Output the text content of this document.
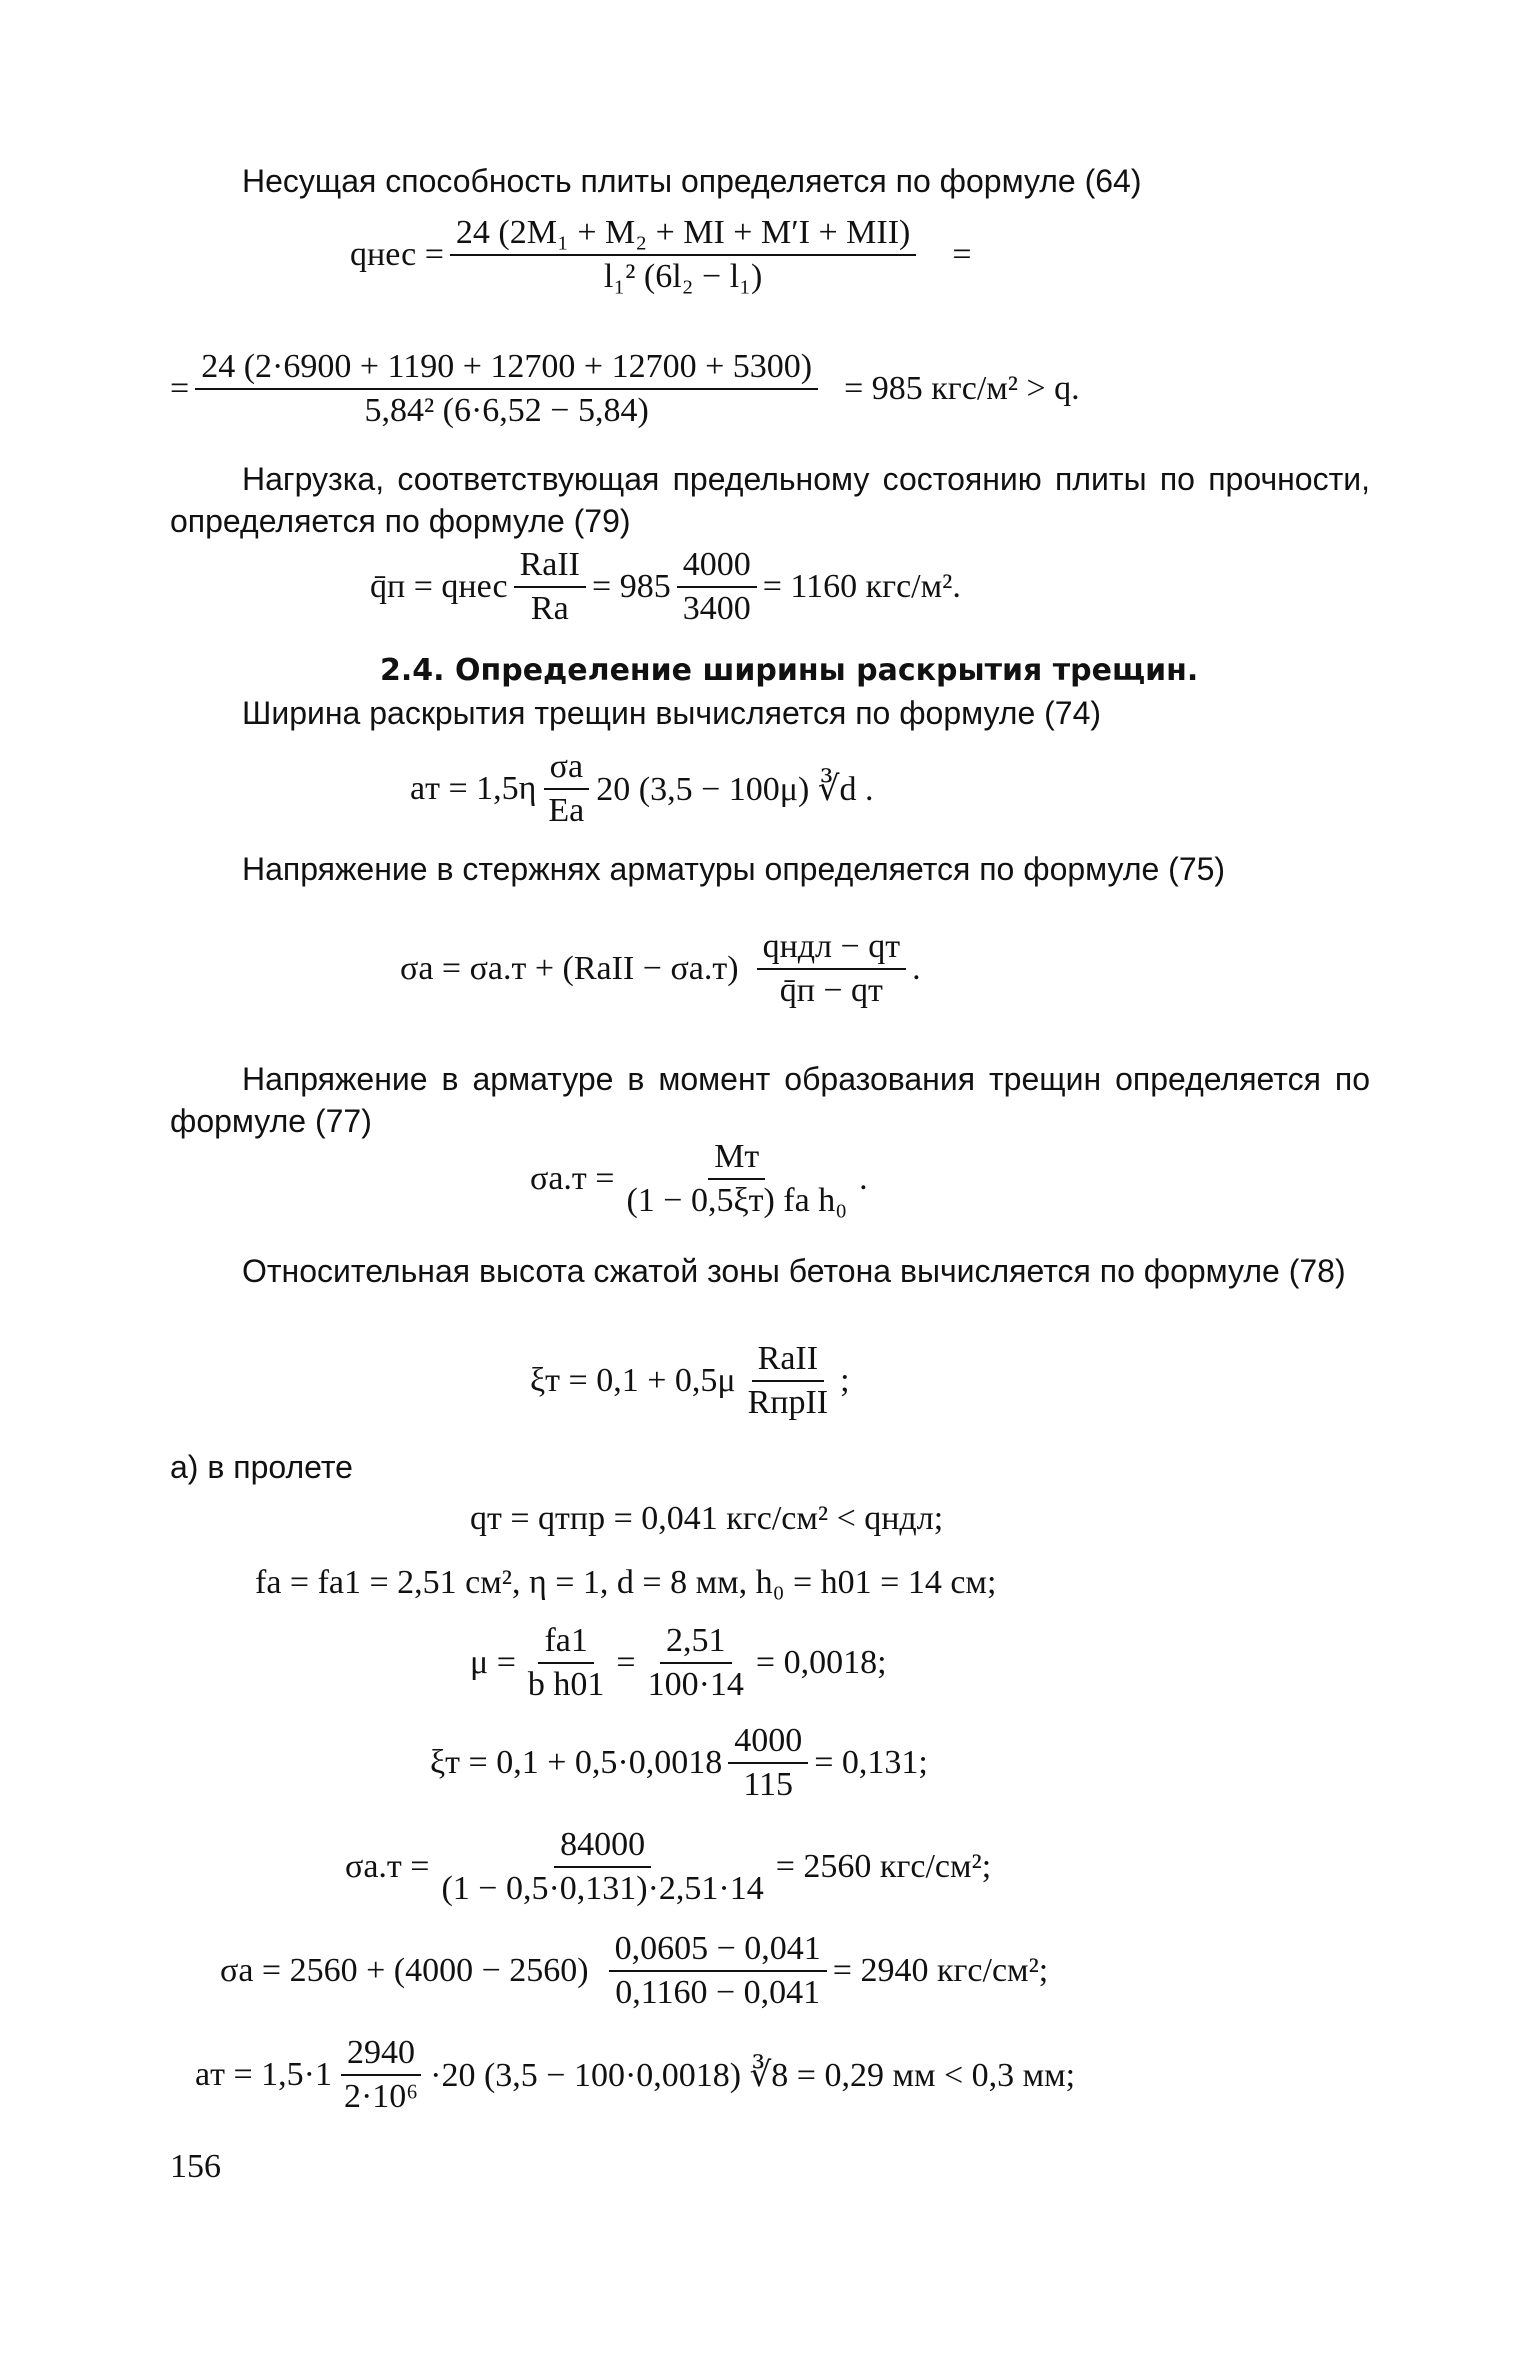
Несущая способность плиты определяется по формуле (64)
qнес = $\frac{\text{24 (2M₁ + M₂ + MI + M′I + MII)}}{\text{l₁² (6l₂ − l₁)}}$ =
= $\frac{24 (2\cdot 6900 + 1190 + 12700 + 12700 + 5300)}{\text{5,84² (6·6,52 − 5,84)}} = 985$ кгс/м² > q.
Нагрузка, соответствующая предельному состоянию плиты по прочности, определяется по формуле (79)
q̄п = qнес $\frac{\text{RaII}}{Ra} = 985 \frac{4000}{3400} = 1160$ кгс/м².
2.4. Определение ширины раскрытия трещин.
Ширина раскрытия трещин вычисляется по формуле (74)
aт = $1,5\eta \frac{\sigma a}{Ea} 20$ (3,5 − 100μ) ∛d .
Напряжение в стержнях арматуры определяется по формуле (75)
σa = σa.т + (RaII − $\sigma a.т) \frac{\text{qндл − qт}}{q̄п - qт}$ .
Напряжение в арматуре в момент образования трещин определяется по формуле (77)
$\sigma a.т = \frac{Mт}{\text{(1 − 0,5ξт) fa h₀}}$ .
Относительная высота сжатой зоны бетона вычисляется по формуле (78)
$\xi т = 0,1 + 0,5\mu \frac{\text{RaII}}{\text{RпрII}}$ ;
а) в пролете
qт = qтпр = 0,041 кгс/см² < qндл;
fa = fa1 = 2,51 см², η = 1, d = 8 мм, h₀ = h01 = 14 см;
$\mu = \frac{fa1}{\text{b h01}} = \frac{2,51}{100\cdot 14} = 0,0018$;
$\xi т = 0,1 + 0,5\cdot 0,0018 \frac{4000}{115} = 0,131$;
$\sigma a.т = \frac{84000}{(1 - 0,5\cdot 0,131)\cdot 2,51\cdot 14} = 2560$ кгс/см²;
$\sigma a = 2560 + (4000 - 2560) \frac{0,0605 - 0,041}{0,1160 - 0,041} = 2940$ кгс/см²;
aт = $1,5\cdot 1 \frac{2940}{\text{2·10⁶}} \cdot 20$ (3,5 − 100·0,0018) ∛8 = 0,29 мм < 0,3 мм;
156
